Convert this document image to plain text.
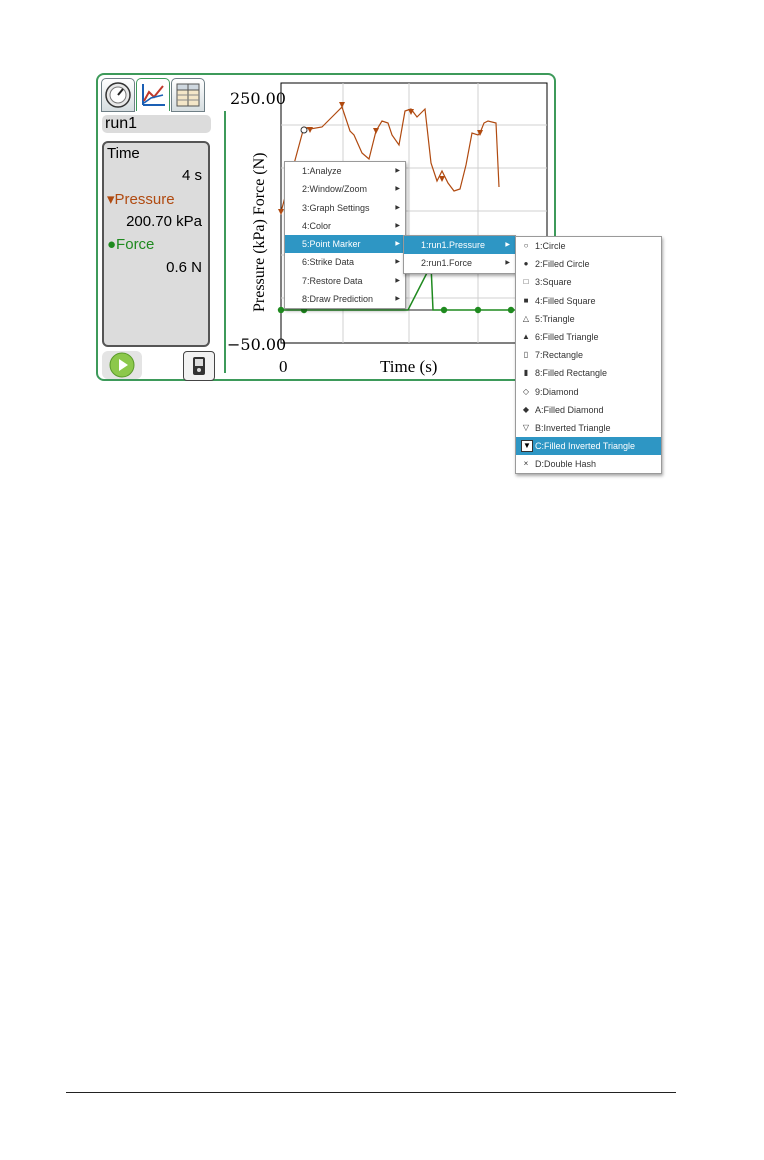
run1
Time
4 s
▾Pressure
200.70 kPa
●Force
0.6 N
250.00
−50.00
Pressure (kPa) Force (N)
0	Time (s)
1:Analyze	▶
2:Window/Zoom	▶
3:Graph Settings	▶
4:Color	▶
5:Point Marker	▶
6:Strike Data	▶
7:Restore Data	▶
8:Draw Prediction	▶
1:run1.Pressure	▶
2:run1.Force	▶
○ 1:Circle
● 2:Filled Circle
□ 3:Square
■ 4:Filled Square
△ 5:Triangle
▲ 6:Filled Triangle
▯ 7:Rectangle
▮ 8:Filled Rectangle
◇ 9:Diamond
◆ A:Filled Diamond
▽ B:Inverted Triangle
▼ C:Filled Inverted Triangle
× D:Double Hash
